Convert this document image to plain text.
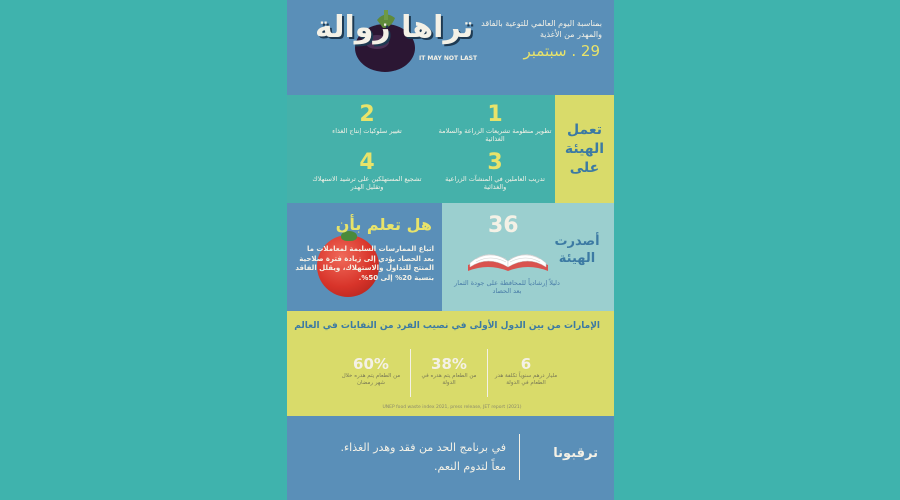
تراها زوالة
IT MAY NOT LAST
بمناسبة اليوم العالمي للتوعية بالفاقد والمهدر من الأغذية
29 . سبتمبر
1
تطوير منظومة تشريعات الزراعة والسلامة الغذائية
2
تغيير سلوكيات إنتاج الغذاء
3
تدريب العاملين في المنشآت الزراعية والغذائية
4
تشجيع المستهلكين على ترشيد الاستهلاك وتقليل الهدر
تعمل
الهيئة
على
هل تعلم بأن
اتباع الممارسات السليمة لمعاملات ما بعد الحصاد يؤدي إلى زيادة فترة صلاحية المنتج للتداول والاستهلاك، ويقلل الفاقد بنسبة 20% إلى 50%.
36
دليلاً إرشادياً للمحافظة على جودة الثمار بعد الحصاد
أصدرت
الهيئة
الإمارات من بين الدول الأولى في نصيب الفرد من النفايات في العالم
60%
من الطعام يتم هدره خلال شهر رمضان
38%
من الطعام يتم هدره في الدولة
6
مليار درهم سنوياً تكلفة هدر الطعام في الدولة
UNEP food waste index 2021, press release, JET report (2021)
في برنامج الحد من فقد وهدر الغذاء.
معاً لتدوم النعم.
ترقبونا
